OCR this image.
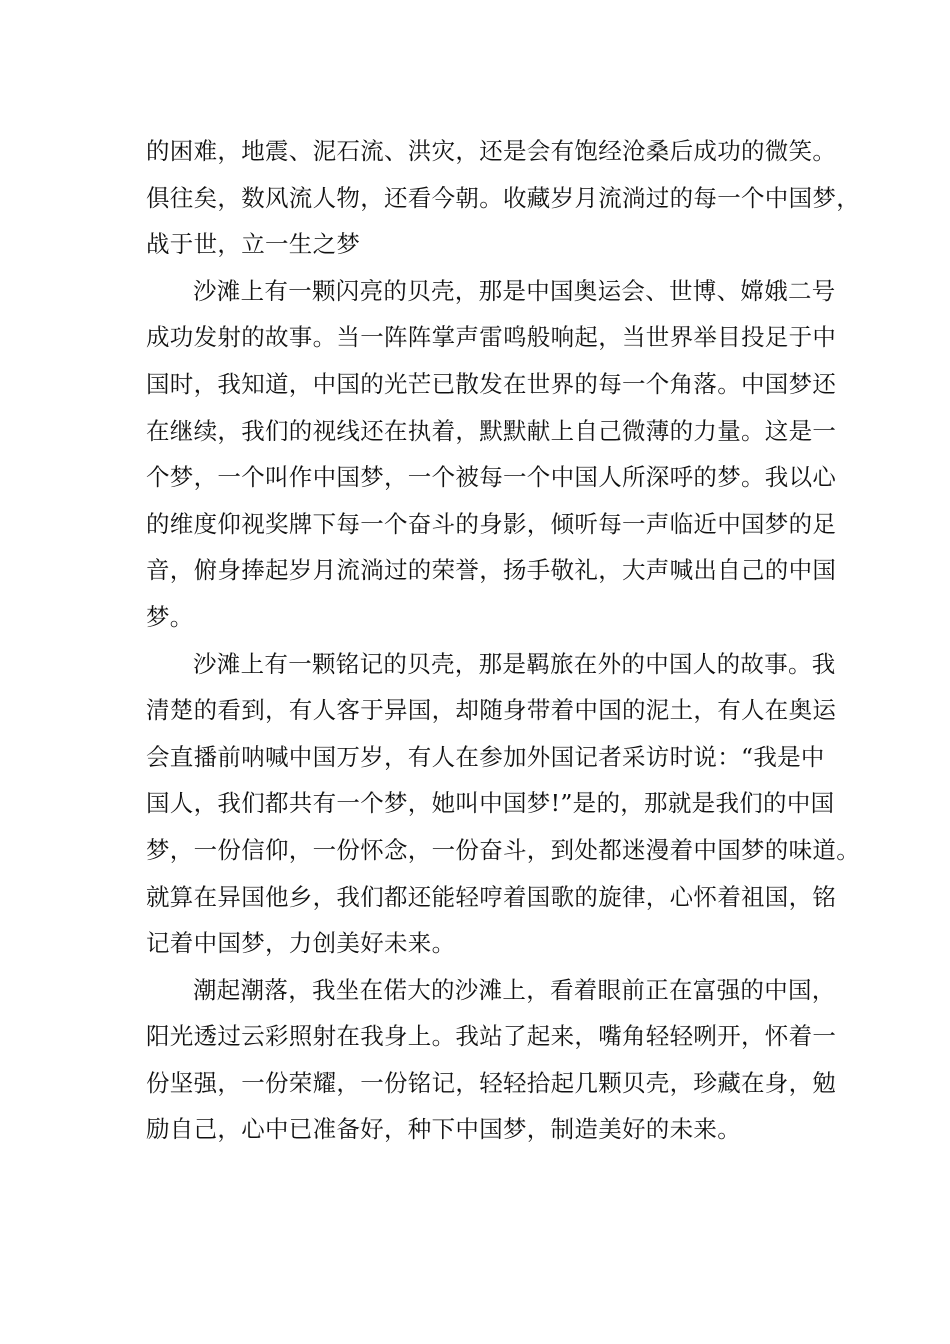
的困难，地震、泥石流、洪灾，还是会有饱经沧桑后成功的微笑。
俱往矣，数风流人物，还看今朝。收藏岁月流淌过的每一个中国梦，
战于世，立一生之梦

沙滩上有一颗闪亮的贝壳，那是中国奥运会、世博、嫦娥二号
成功发射的故事。当一阵阵掌声雷鸣般响起，当世界举目投足于中
国时，我知道，中国的光芒已散发在世界的每一个角落。中国梦还
在继续，我们的视线还在执着，默默献上自己微薄的力量。这是一
个梦，一个叫作中国梦，一个被每一个中国人所深呼的梦。我以心
的维度仰视奖牌下每一个奋斗的身影，倾听每一声临近中国梦的足
音，俯身捧起岁月流淌过的荣誉，扬手敬礼，大声喊出自己的中国
梦。

沙滩上有一颗铭记的贝壳，那是羁旅在外的中国人的故事。我
清楚的看到，有人客于异国，却随身带着中国的泥土，有人在奥运
会直播前呐喊中国万岁，有人在参加外国记者采访时说：“我是中
国人，我们都共有一个梦，她叫中国梦!”是的，那就是我们的中国
梦，一份信仰，一份怀念，一份奋斗，到处都迷漫着中国梦的味道。
就算在异国他乡，我们都还能轻哼着国歌的旋律，心怀着祖国，铭
记着中国梦，力创美好未来。

潮起潮落，我坐在偌大的沙滩上，看着眼前正在富强的中国，
阳光透过云彩照射在我身上。我站了起来，嘴角轻轻咧开，怀着一
份坚强，一份荣耀，一份铭记，轻轻拾起几颗贝壳，珍藏在身，勉
励自己，心中已准备好，种下中国梦，制造美好的未来。
